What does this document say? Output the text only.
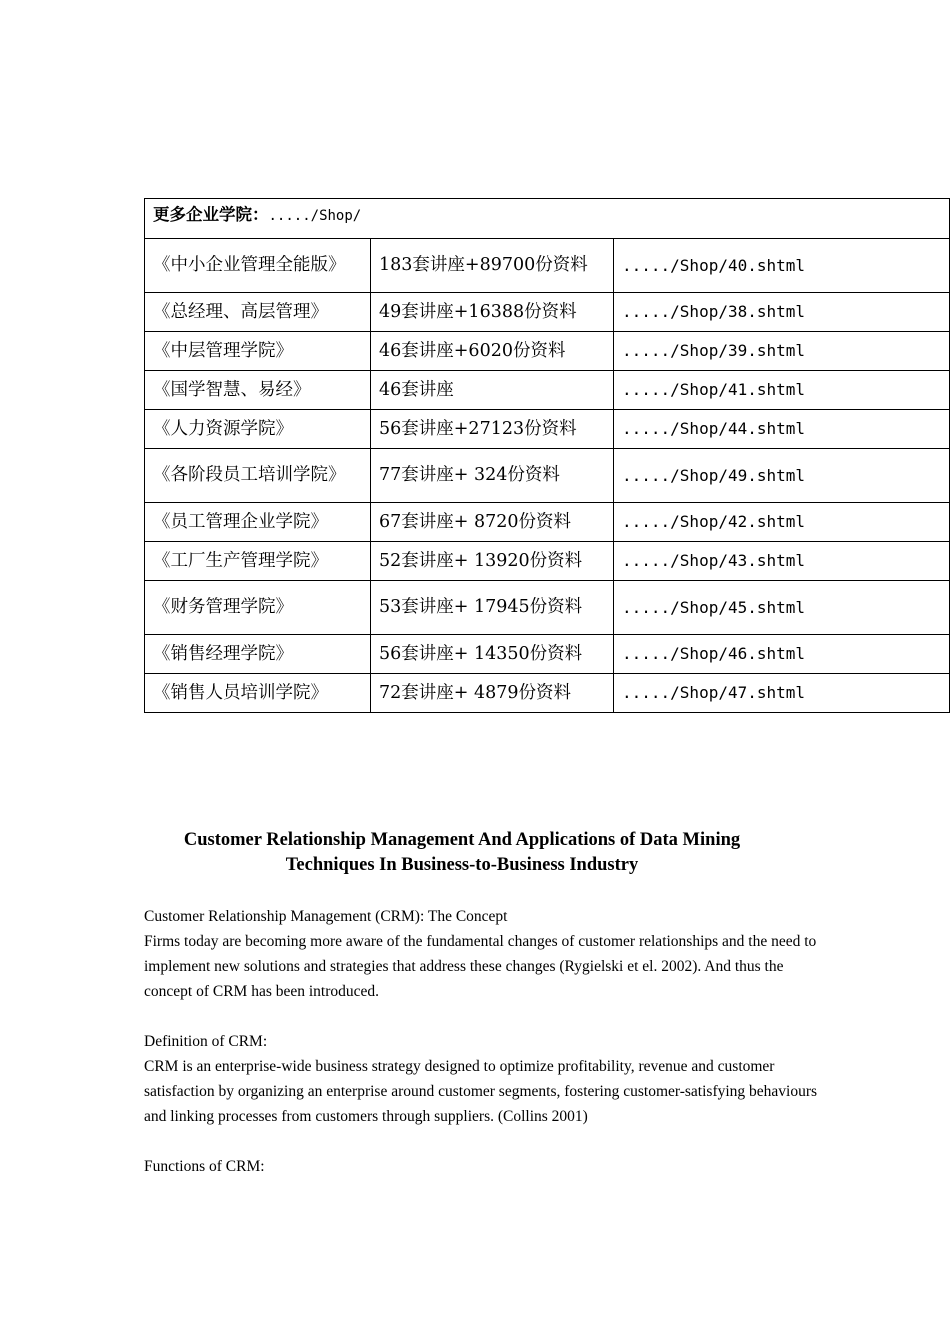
更多企业学院：...../Shop/		
《中小企业管理全能版》	183套讲座+89700份资料	...../Shop/40.shtml
《总经理、高层管理》	49套讲座+16388份资料	...../Shop/38.shtml
《中层管理学院》	46套讲座+6020份资料	...../Shop/39.shtml
《国学智慧、易经》	46套讲座	...../Shop/41.shtml
《人力资源学院》	56套讲座+27123份资料	...../Shop/44.shtml
《各阶段员工培训学院》	77套讲座+ 324份资料	...../Shop/49.shtml
《员工管理企业学院》	67套讲座+ 8720份资料	...../Shop/42.shtml
《工厂生产管理学院》	52套讲座+ 13920份资料	...../Shop/43.shtml
《财务管理学院》	53套讲座+ 17945份资料	...../Shop/45.shtml
《销售经理学院》	56套讲座+ 14350份资料	...../Shop/46.shtml
《销售人员培训学院》	72套讲座+ 4879份资料	...../Shop/47.shtml
Customer Relationship Management And Applications of Data Mining
Techniques In Business-to-Business Industry

Customer Relationship Management (CRM): The Concept

Firms today are becoming more aware of the fundamental changes of customer relationships and the need to implement new solutions and strategies that address these changes (Rygielski et el. 2002). And thus the concept of CRM has been introduced.

Definition of CRM:

CRM is an enterprise-wide business strategy designed to optimize profitability, revenue and customer satisfaction by organizing an enterprise around customer segments, fostering customer-satisfying behaviours and linking processes from customers through suppliers. (Collins 2001)

Functions of CRM:
